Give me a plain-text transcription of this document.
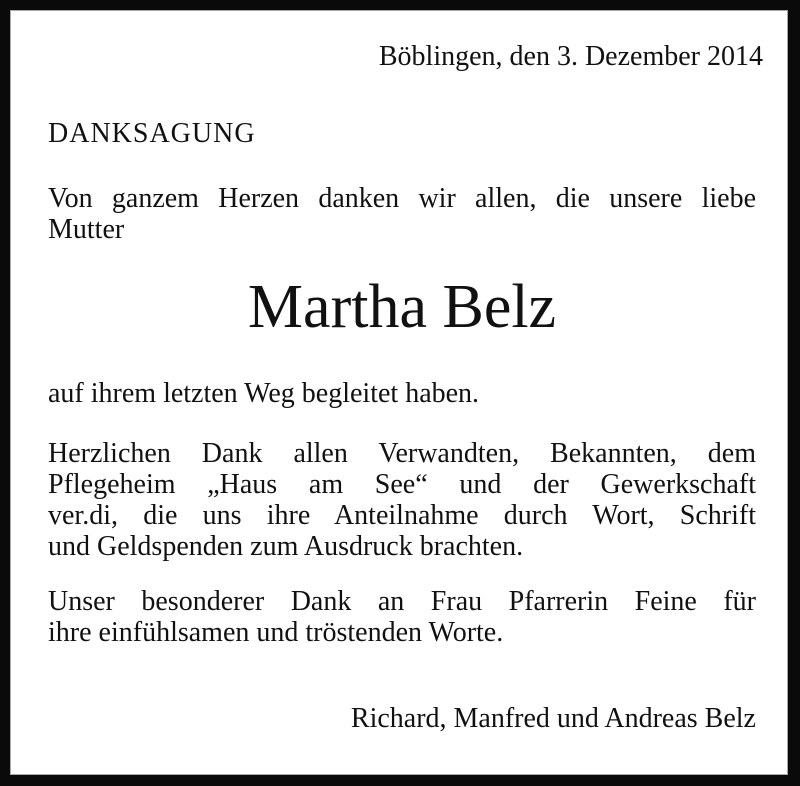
Böblingen, den 3. Dezember 2014
DANKSAGUNG
Von ganzem Herzen danken wir allen, die unsere liebe
Mutter
Martha Belz
auf ihrem letzten Weg begleitet haben.
Herzlichen Dank allen Verwandten, Bekannten, dem
Pflegeheim „Haus am See“ und der Gewerkschaft
ver.di, die uns ihre Anteilnahme durch Wort, Schrift
und Geldspenden zum Ausdruck brachten.
Unser besonderer Dank an Frau Pfarrerin Feine für
ihre einfühlsamen und tröstenden Worte.
Richard, Manfred und Andreas Belz
